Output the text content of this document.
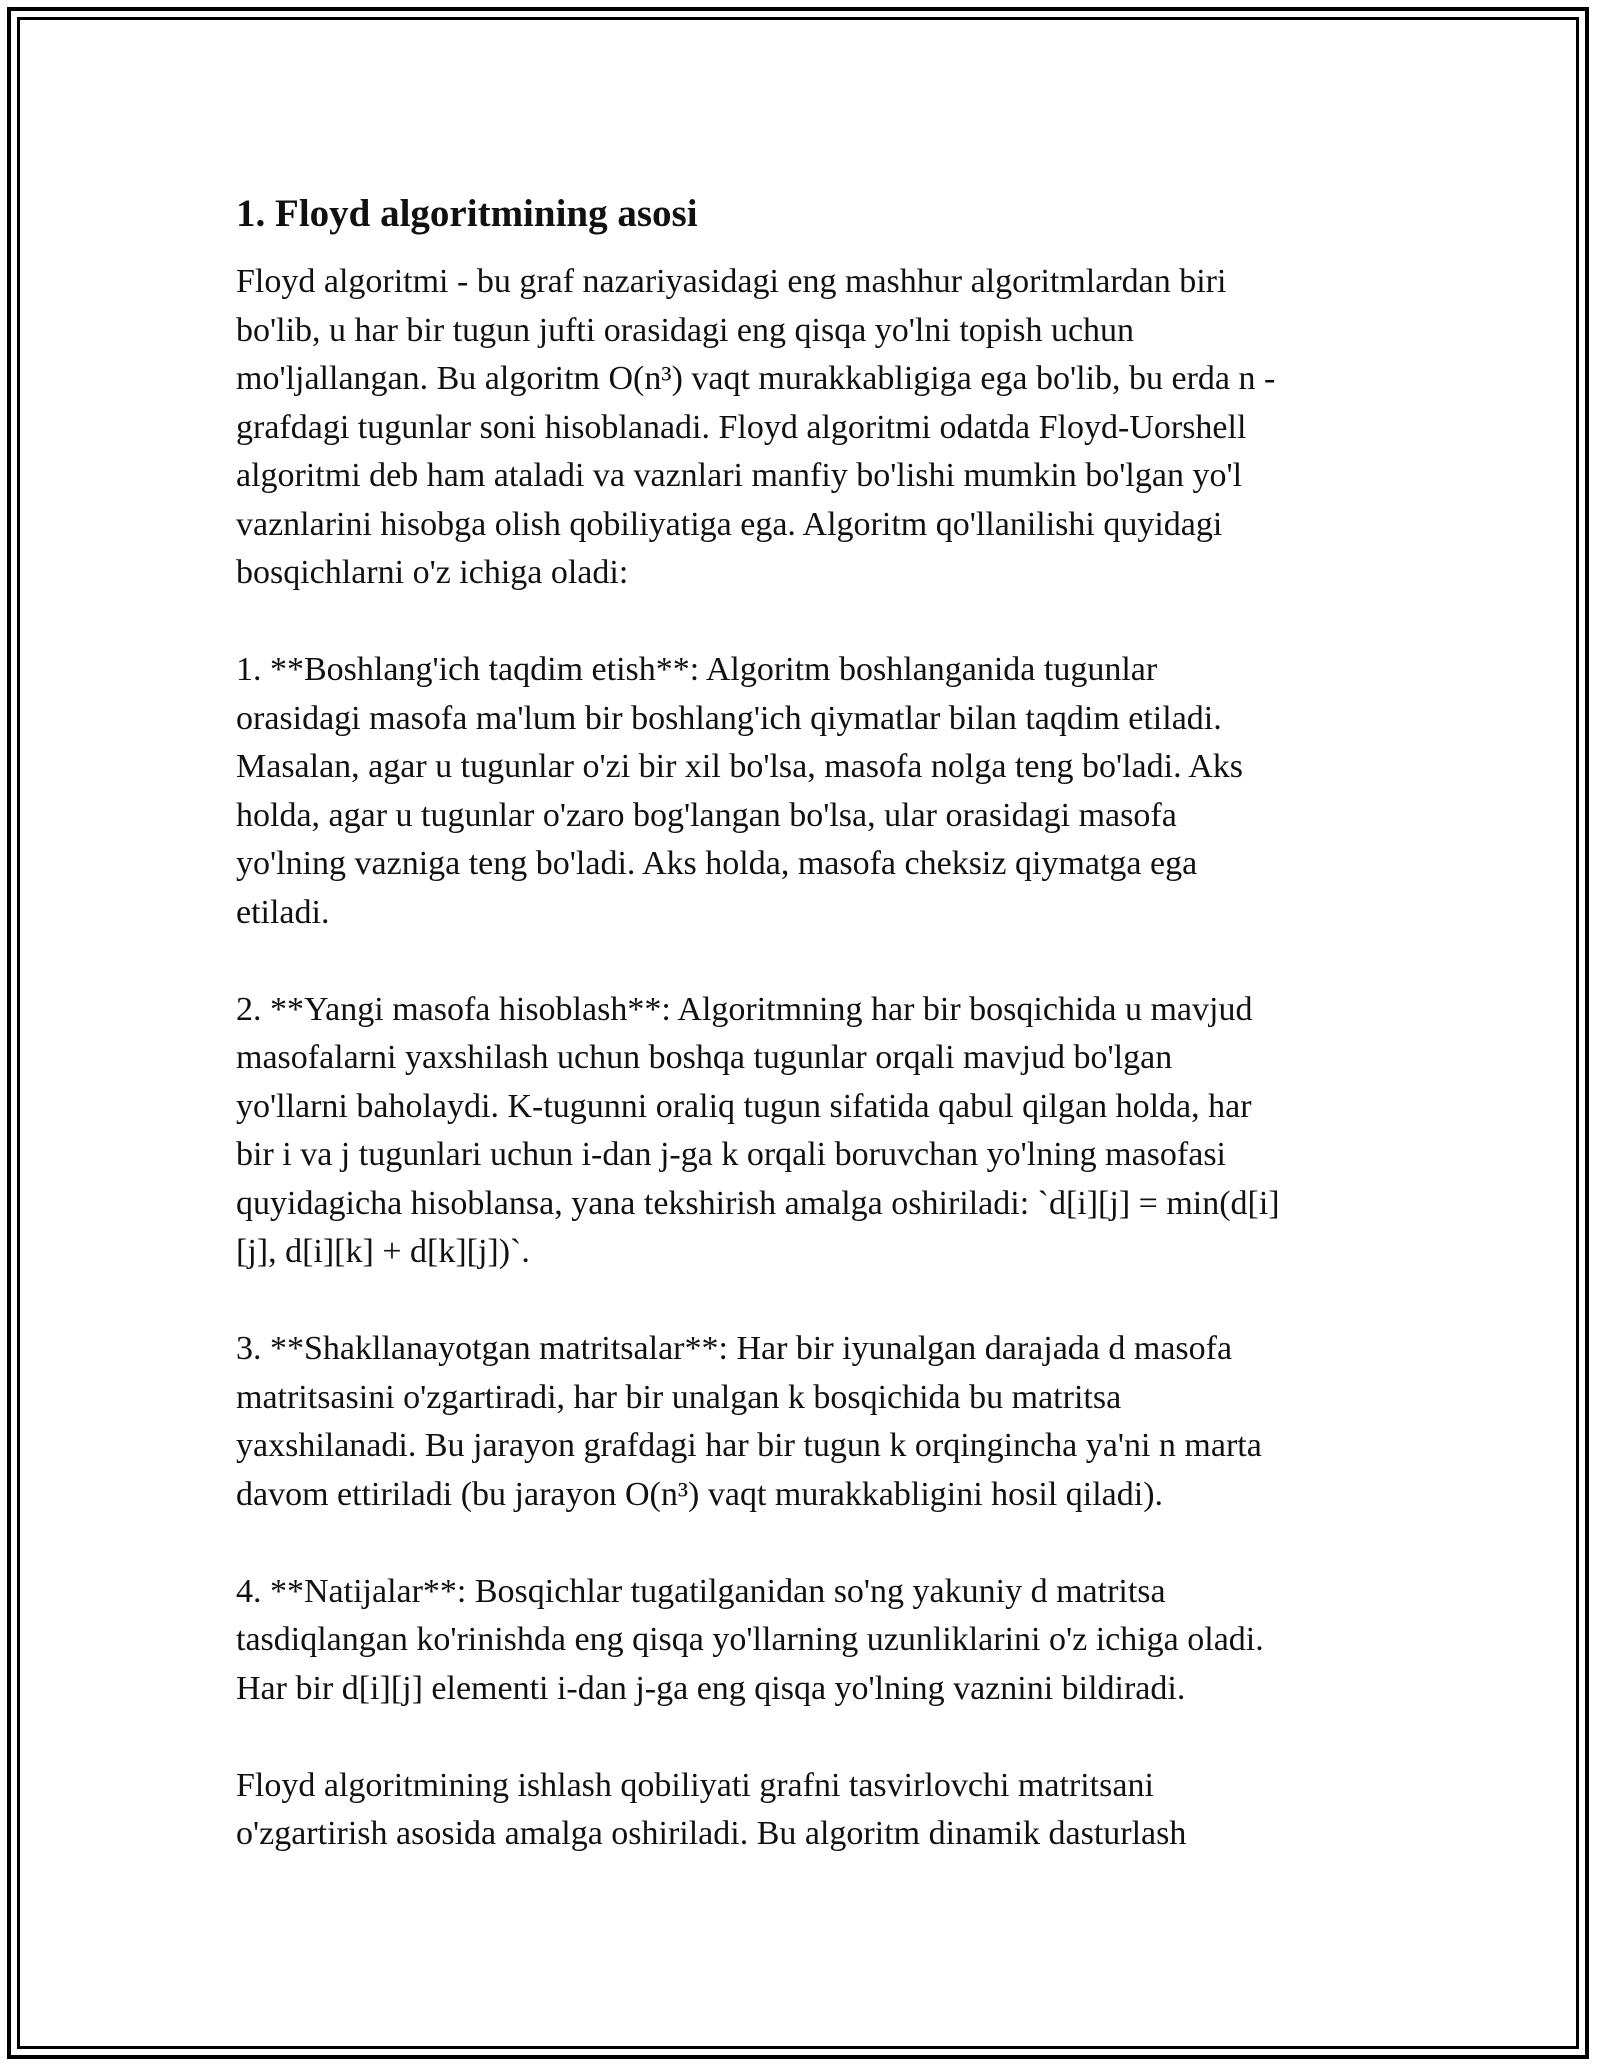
1. Floyd algoritmining asosi
Floyd algoritmi - bu graf nazariyasidagi eng mashhur algoritmlardan biri
bo'lib, u har bir tugun jufti orasidagi eng qisqa yo'lni topish uchun
mo'ljallangan. Bu algoritm O(n³) vaqt murakkabligiga ega bo'lib, bu erda n -
grafdagi tugunlar soni hisoblanadi. Floyd algoritmi odatda Floyd-Uorshell
algoritmi deb ham ataladi va vaznlari manfiy bo'lishi mumkin bo'lgan yo'l
vaznlarini hisobga olish qobiliyatiga ega. Algoritm qo'llanilishi quyidagi
bosqichlarni o'z ichiga oladi:
1. **Boshlang'ich taqdim etish**: Algoritm boshlanganida tugunlar
orasidagi masofa ma'lum bir boshlang'ich qiymatlar bilan taqdim etiladi.
Masalan, agar u tugunlar o'zi bir xil bo'lsa, masofa nolga teng bo'ladi. Aks
holda, agar u tugunlar o'zaro bog'langan bo'lsa, ular orasidagi masofa
yo'lning vazniga teng bo'ladi. Aks holda, masofa cheksiz qiymatga ega
etiladi.
2. **Yangi masofa hisoblash**: Algoritmning har bir bosqichida u mavjud
masofalarni yaxshilash uchun boshqa tugunlar orqali mavjud bo'lgan
yo'llarni baholaydi. K-tugunni oraliq tugun sifatida qabul qilgan holda, har
bir i va j tugunlari uchun i-dan j-ga k orqali boruvchan yo'lning masofasi
quyidagicha hisoblansa, yana tekshirish amalga oshiriladi: `d[i][j] = min(d[i]
[j], d[i][k] + d[k][j])`.
3. **Shakllanayotgan matritsalar**: Har bir iyunalgan darajada d masofa
matritsasini o'zgartiradi, har bir unalgan k bosqichida bu matritsa
yaxshilanadi. Bu jarayon grafdagi har bir tugun k orqingincha ya'ni n marta
davom ettiriladi (bu jarayon O(n³) vaqt murakkabligini hosil qiladi).
4. **Natijalar**: Bosqichlar tugatilganidan so'ng yakuniy d matritsa
tasdiqlangan ko'rinishda eng qisqa yo'llarning uzunliklarini o'z ichiga oladi.
Har bir d[i][j] elementi i-dan j-ga eng qisqa yo'lning vaznini bildiradi.
Floyd algoritmining ishlash qobiliyati grafni tasvirlovchi matritsani
o'zgartirish asosida amalga oshiriladi. Bu algoritm dinamik dasturlash
